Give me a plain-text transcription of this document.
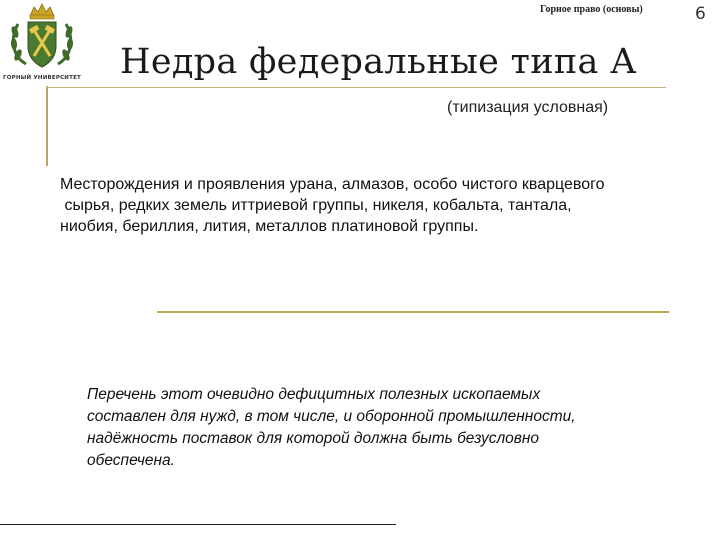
ГОРНЫЙ УНИВЕРСИТЕТ
Горное право (основы)	6
Недра федеральные типа А
(типизация условная)
Месторождения и проявления урана, алмазов, особо чистого кварцевого
сырья, редких земель иттриевой группы, никеля, кобальта, тантала,
ниобия, бериллия, лития, металлов платиновой группы.
Перечень этот очевидно дефицитных полезных ископаемых
составлен для нужд, в том числе, и оборонной промышленности,
надёжность поставок для которой должна быть безусловно
обеспечена.
